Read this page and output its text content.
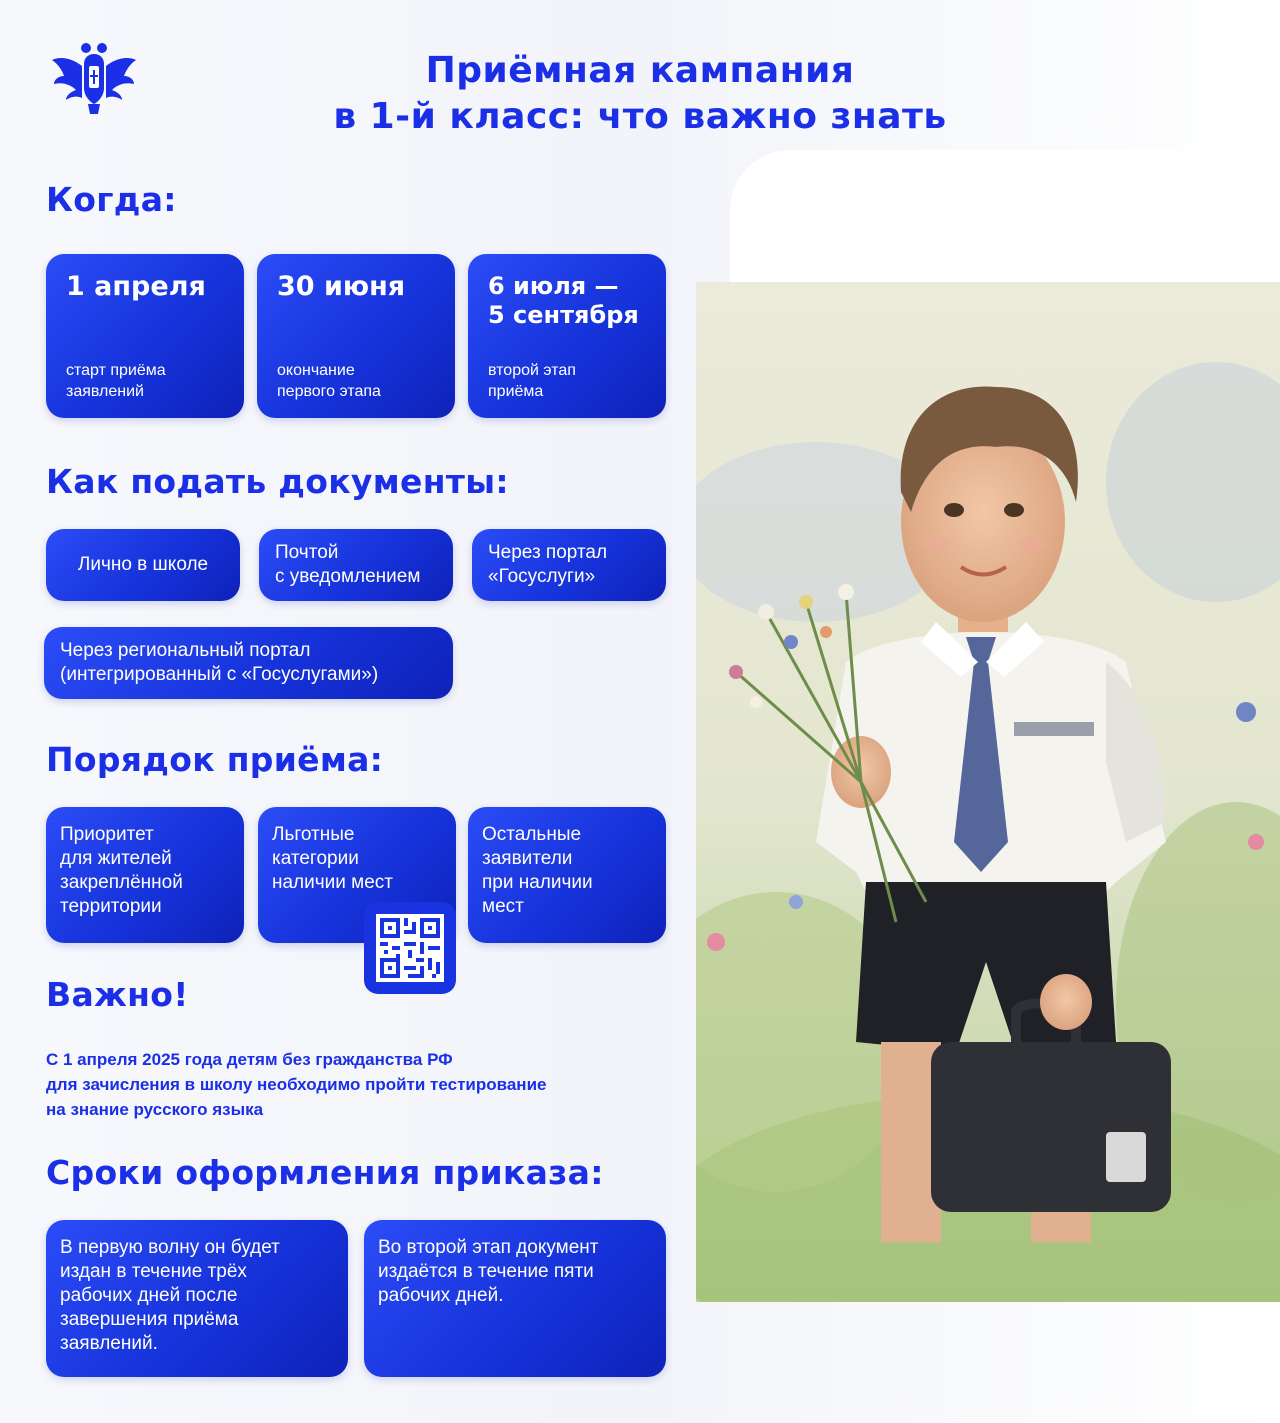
Приёмная кампания
в 1-й класс: что важно знать
Когда:
1 апреля
старт приёма
заявлений
30 июня
окончание
первого этапа
6 июля —
5 сентября
второй этап
приёма
Как подать документы:
Лично в школе
Почтой
с уведомлением
Через портал
«Госуслуги»
Через региональный портал
(интегрированный с «Госуслугами»)
Порядок приёма:
Приоритет
для жителей
закреплённой
территории
Льготные
категории
наличии мест
Остальные
заявители
при наличии
мест
Важно!
С 1 апреля 2025 года детям без гражданства РФ
для зачисления в школу необходимо пройти тестирование
на знание русского языка
Сроки оформления приказа:
В первую волну он будет
издан в течение трёх
рабочих дней после
завершения приёма
заявлений.
Во второй этап документ
издаётся в течение пяти
рабочих дней.
